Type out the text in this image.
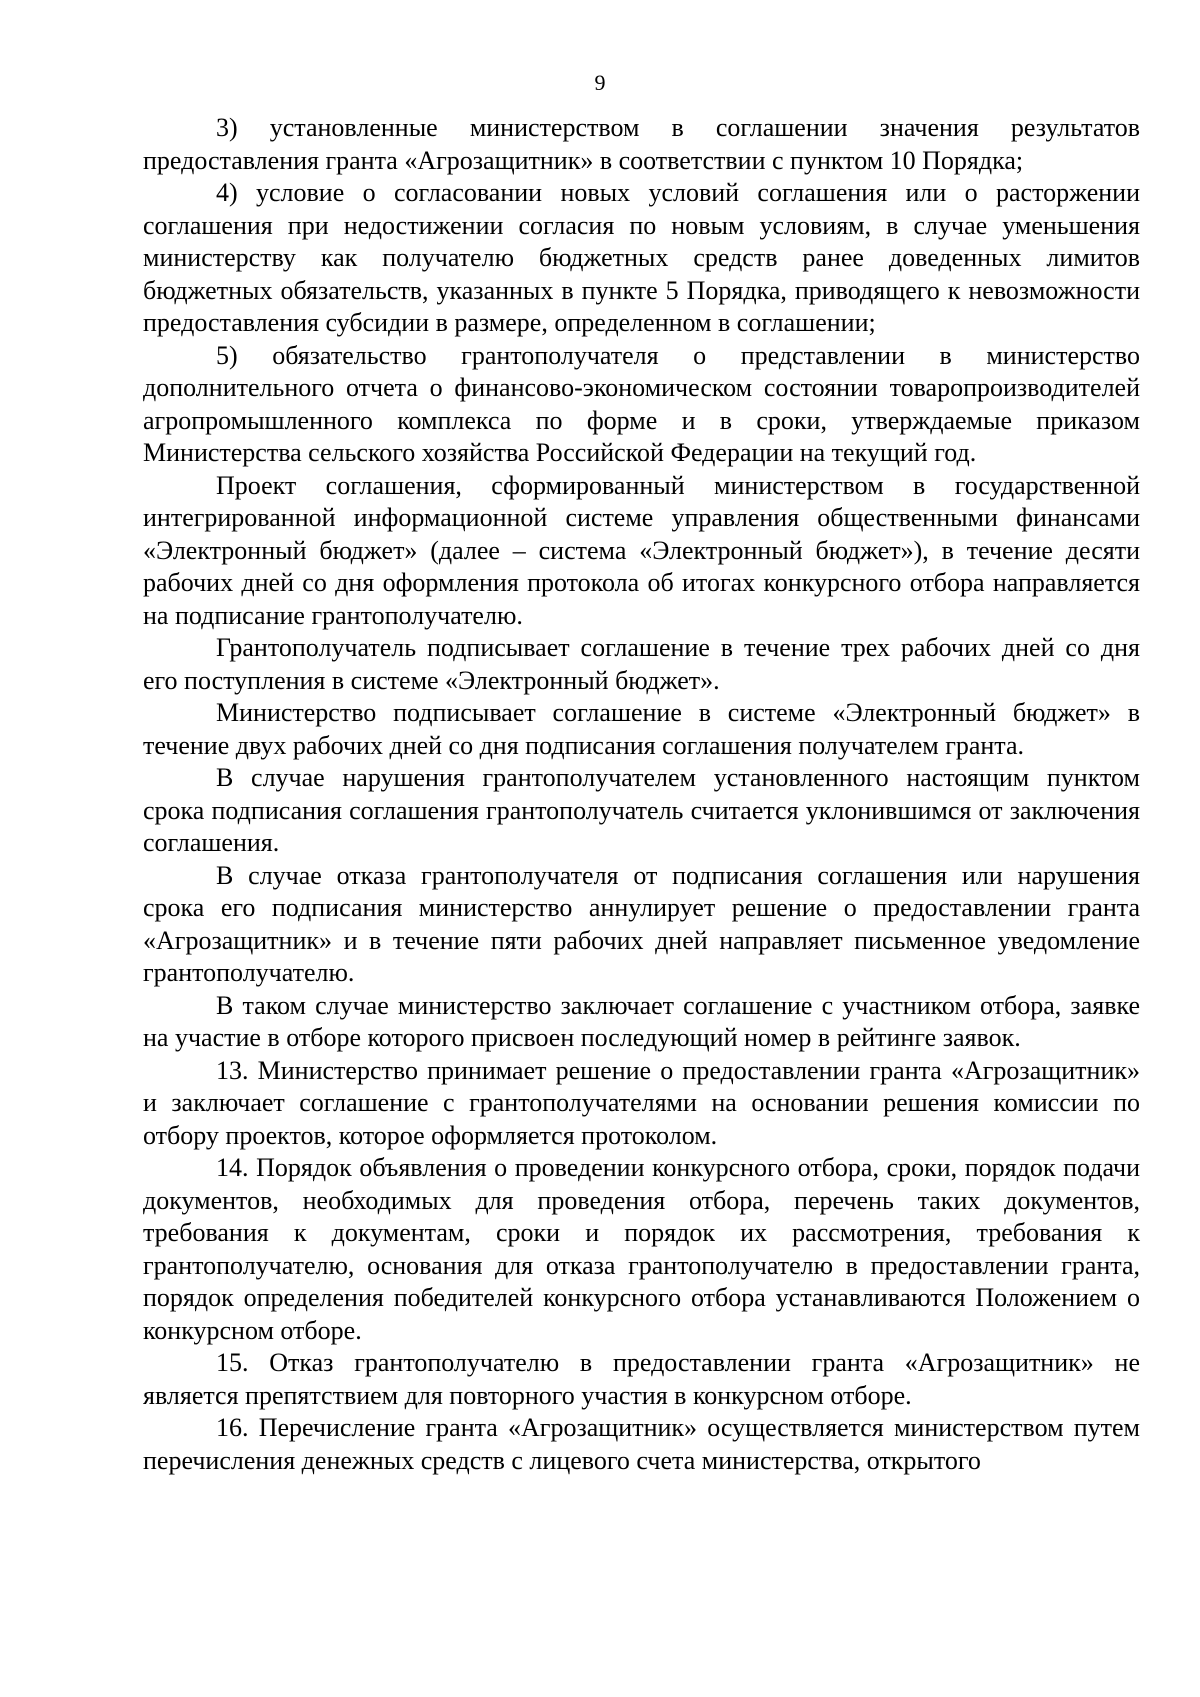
9

3) установленные министерством в соглашении значения результатов предоставления гранта «Агрозащитник» в соответствии с пунктом 10 Порядка;

4) условие о согласовании новых условий соглашения или о расторжении соглашения при недостижении согласия по новым условиям, в случае уменьшения министерству как получателю бюджетных средств ранее доведенных лимитов бюджетных обязательств, указанных в пункте 5 Порядка, приводящего к невозможности предоставления субсидии в размере, определенном в соглашении;

5) обязательство грантополучателя о представлении в министерство дополнительного отчета о финансово-экономическом состоянии товаропроизводителей агропромышленного комплекса по форме и в сроки, утверждаемые приказом Министерства сельского хозяйства Российской Федерации на текущий год.

Проект соглашения, сформированный министерством в государственной интегрированной информационной системе управления общественными финансами «Электронный бюджет» (далее – система «Электронный бюджет»), в течение десяти рабочих дней со дня оформления протокола об итогах конкурсного отбора направляется на подписание грантополучателю.

Грантополучатель подписывает соглашение в течение трех рабочих дней со дня его поступления в системе «Электронный бюджет».

Министерство подписывает соглашение в системе «Электронный бюджет» в течение двух рабочих дней со дня подписания соглашения получателем гранта.

В случае нарушения грантополучателем установленного настоящим пунктом срока подписания соглашения грантополучатель считается уклонившимся от заключения соглашения.

В случае отказа грантополучателя от подписания соглашения или нарушения срока его подписания министерство аннулирует решение о предоставлении гранта «Агрозащитник» и в течение пяти рабочих дней направляет письменное уведомление грантополучателю.

В таком случае министерство заключает соглашение с участником отбора, заявке на участие в отборе которого присвоен последующий номер в рейтинге заявок.

13. Министерство принимает решение о предоставлении гранта «Агрозащитник» и заключает соглашение с грантополучателями на основании решения комиссии по отбору проектов, которое оформляется протоколом.

14. Порядок объявления о проведении конкурсного отбора, сроки, порядок подачи документов, необходимых для проведения отбора, перечень таких документов, требования к документам, сроки и порядок их рассмотрения, требования к грантополучателю, основания для отказа грантополучателю в предоставлении гранта, порядок определения победителей конкурсного отбора устанавливаются Положением о конкурсном отборе.

15. Отказ грантополучателю в предоставлении гранта «Агрозащитник» не является препятствием для повторного участия в конкурсном отборе.

16. Перечисление гранта «Агрозащитник» осуществляется министерством путем перечисления денежных средств с лицевого счета министерства, открытого
